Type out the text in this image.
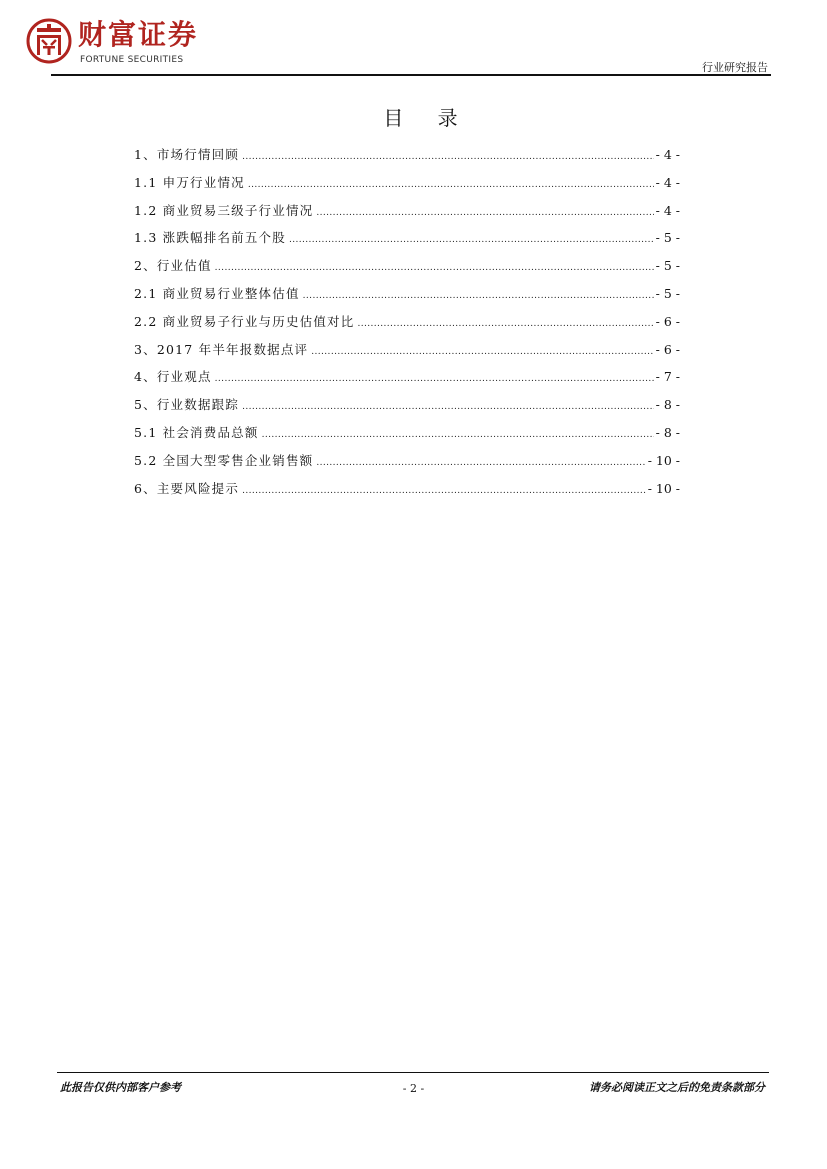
财富证券
FORTUNE SECURITIES
行业研究报告
目 录
1、市场行情回顾 .....	- 4 -
1.1 申万行业情况 .....	- 4 -
1.2 商业贸易三级子行业情况 .....	- 4 -
1.3 涨跌幅排名前五个股 .....	- 5 -
2、行业估值 .....	- 5 -
2.1 商业贸易行业整体估值 .....	- 5 -
2.2 商业贸易子行业与历史估值对比 .....	- 6 -
3、2017 年半年报数据点评 .....	- 6 -
4、行业观点 .....	- 7 -
5、行业数据跟踪 .....	- 8 -
5.1 社会消费品总额 .....	- 8 -
5.2 全国大型零售企业销售额 .....	- 10 -
6、主要风险提示 .....	- 10 -
此报告仅供内部客户参考	- 2 -	请务必阅读正文之后的免责条款部分
